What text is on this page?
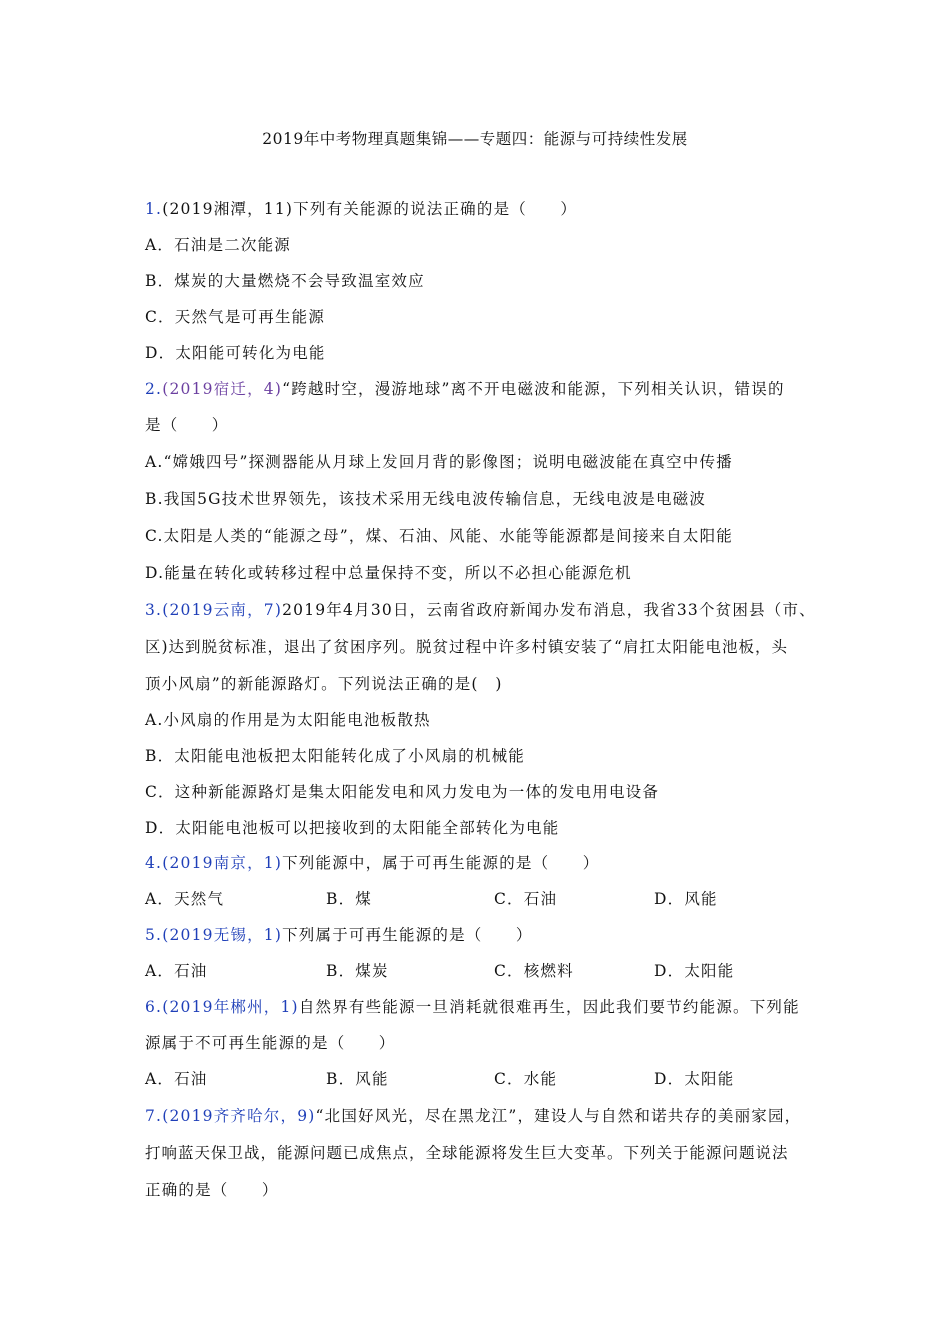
2019年中考物理真题集锦——专题四：能源与可持续性发展
1.(2019湘潭，11)下列有关能源的说法正确的是（　　）
A．石油是二次能源
B．煤炭的大量燃烧不会导致温室效应
C．天然气是可再生能源
D．太阳能可转化为电能
2.(2019宿迁，4)“跨越时空，漫游地球”离不开电磁波和能源，下列相关认识，错误的
是（　　）
A.“嫦娥四号”探测器能从月球上发回月背的影像图；说明电磁波能在真空中传播
B.我国5G技术世界领先，该技术采用无线电波传输信息，无线电波是电磁波
C.太阳是人类的“能源之母”，煤、石油、风能、水能等能源都是间接来自太阳能
D.能量在转化或转移过程中总量保持不变，所以不必担心能源危机
3.(2019云南，7)2019年4月30日，云南省政府新闻办发布消息，我省33个贫困县（市、
区)达到脱贫标准，退出了贫困序列。脱贫过程中许多村镇安装了“肩扛太阳能电池板，头
顶小风扇”的新能源路灯。下列说法正确的是(　)
A.小风扇的作用是为太阳能电池板散热
B．太阳能电池板把太阳能转化成了小风扇的机械能
C．这种新能源路灯是集太阳能发电和风力发电为一体的发电用电设备
D．太阳能电池板可以把接收到的太阳能全部转化为电能
4.(2019南京，1)下列能源中，属于可再生能源的是（　　）
A．天然气	B．煤	C．石油	D．风能
5.(2019无锡，1)下列属于可再生能源的是（　　）
A．石油	B．煤炭	C．核燃料	D．太阳能
6.(2019年郴州，1)自然界有些能源一旦消耗就很难再生，因此我们要节约能源。下列能
源属于不可再生能源的是（　　）
A．石油	B．风能	C．水能	D．太阳能
7.(2019齐齐哈尔，9)“北国好风光，尽在黑龙江”，建设人与自然和诺共存的美丽家园，
打响蓝天保卫战，能源问题已成焦点，全球能源将发生巨大变革。下列关于能源问题说法
正确的是（　　）
